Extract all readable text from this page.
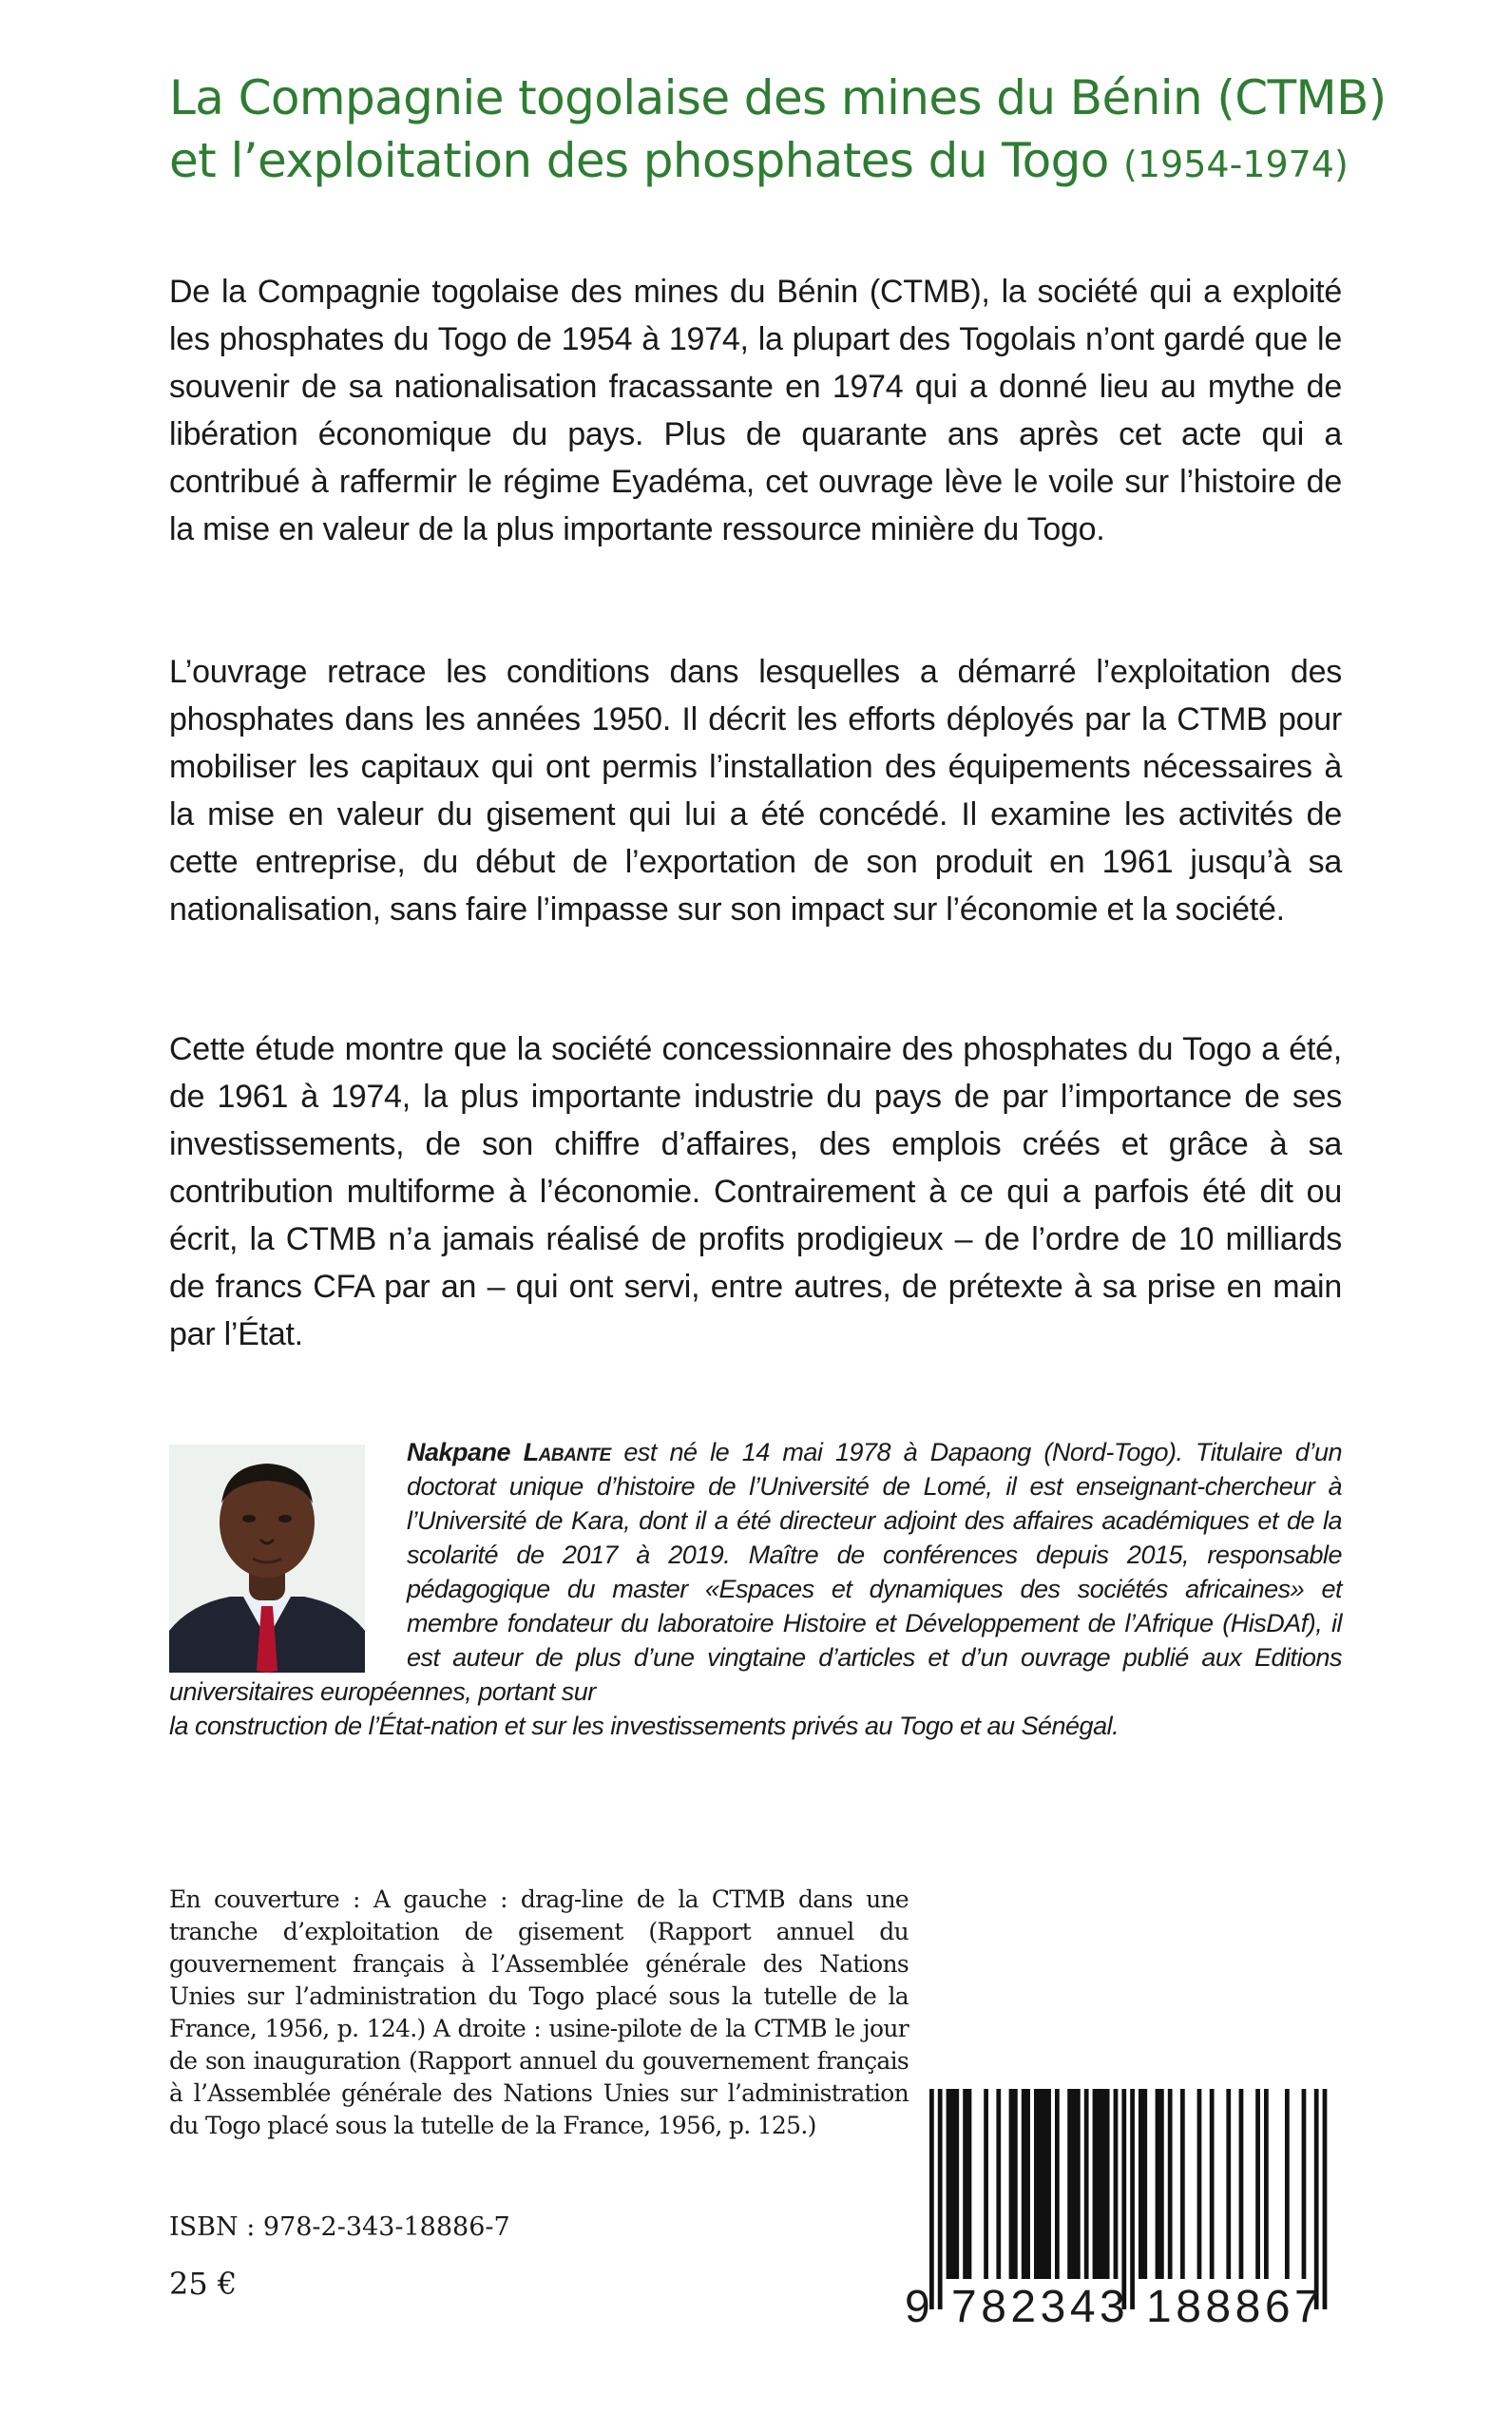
La Compagnie togolaise des mines du Bénin (CTMB)
et l’exploitation des phosphates du Togo (1954-1974)

De la Compagnie togolaise des mines du Bénin (CTMB), la société qui a exploité les phosphates du Togo de 1954 à 1974, la plupart des Togolais n’ont gardé que le souvenir de sa nationalisation fracassante en 1974 qui a donné lieu au mythe de libération économique du pays. Plus de quarante ans après cet acte qui a contribué à raffermir le régime Eyadéma, cet ouvrage lève le voile sur l’histoire de la mise en valeur de la plus importante ressource minière du Togo.

L’ouvrage retrace les conditions dans lesquelles a démarré l’exploitation des phosphates dans les années 1950. Il décrit les efforts déployés par la CTMB pour mobiliser les capitaux qui ont permis l’installation des équipements nécessaires à la mise en valeur du gisement qui lui a été concédé. Il examine les activités de cette entreprise, du début de l’exportation de son produit en 1961 jusqu’à sa nationalisation, sans faire l’impasse sur son impact sur l’économie et la société.

Cette étude montre que la société concessionnaire des phosphates du Togo a été, de 1961 à 1974, la plus importante industrie du pays de par l’importance de ses investissements, de son chiffre d’affaires, des emplois créés et grâce à sa contribution multiforme à l’économie. Contrairement à ce qui a parfois été dit ou écrit, la CTMB n’a jamais réalisé de profits prodigieux – de l’ordre de 10 milliards de francs CFA par an – qui ont servi, entre autres, de prétexte à sa prise en main par l’État.

Nakpane Labante est né le 14 mai 1978 à Dapaong (Nord-Togo). Titulaire d’un doctorat unique d’histoire de l’Université de Lomé, il est enseignant-chercheur à l’Université de Kara, dont il a été directeur adjoint des affaires académiques et de la scolarité de 2017 à 2019. Maître de conférences depuis 2015, responsable pédagogique du master «Espaces et dynamiques des sociétés africaines» et membre fondateur du laboratoire Histoire et Développement de l’Afrique (HisDAf), il est auteur de plus d’une vingtaine d’articles et d’un ouvrage publié aux Editions universitaires européennes, portant sur
la construction de l’État-nation et sur les investissements privés au Togo et au Sénégal.

En couverture : A gauche : drag-line de la CTMB dans une tranche d’exploitation de gisement (Rapport annuel du gouvernement français à l’Assemblée générale des Nations Unies sur l’administration du Togo placé sous la tutelle de la France, 1956, p. 124.) A droite : usine-pilote de la CTMB le jour de son inauguration (Rapport annuel du gouvernement français à l’Assemblée générale des Nations Unies sur l’administration du Togo placé sous la tutelle de la France, 1956, p. 125.)

ISBN : 978-2-343-18886-7
25 €	9 782343 188867
